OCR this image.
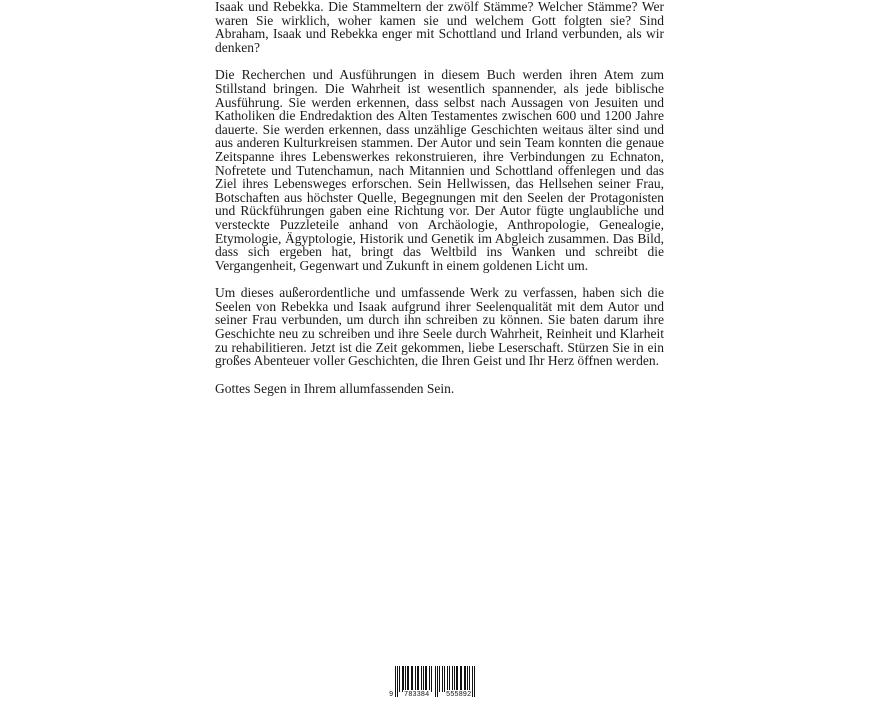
Isaak und Rebekka. Die Stammeltern der zwölf Stämme? Welcher Stämme? Wer waren Sie wirklich, woher kamen sie und welchem Gott folgten sie? Sind Abraham, Isaak und Rebekka enger mit Schottland und Irland verbunden, als wir denken?

Die Recherchen und Ausführungen in diesem Buch werden ihren Atem zum Stillstand bringen. Die Wahrheit ist wesentlich spannender, als jede biblische Ausführung. Sie werden erkennen, dass selbst nach Aussagen von Jesuiten und Katholiken die Endredaktion des Alten Testamentes zwischen 600 und 1200 Jahre dauerte. Sie werden erkennen, dass unzählige Geschichten weitaus älter sind und aus anderen Kulturkreisen stammen. Der Autor und sein Team konnten die genaue Zeitspanne ihres Lebenswerkes rekonstruieren, ihre Verbindungen zu Echnaton, Nofretete und Tutenchamun, nach Mitannien und Schottland offenlegen und das Ziel ihres Lebensweges erforschen. Sein Hellwissen, das Hellsehen seiner Frau, Botschaften aus höchster Quelle, Begegnungen mit den Seelen der Protagonisten und Rückführungen gaben eine Richtung vor. Der Autor fügte unglaubliche und versteckte Puzzleteile anhand von Archäologie, Anthropologie, Genealogie, Etymologie, Ägyptologie, Historik und Genetik im Abgleich zusammen. Das Bild, dass sich ergeben hat, bringt das Weltbild ins Wanken und schreibt die Vergangenheit, Gegenwart und Zukunft in einem goldenen Licht um.

Um dieses außerordentliche und umfassende Werk zu verfassen, haben sich die Seelen von Rebekka und Isaak aufgrund ihrer Seelenqualität mit dem Autor und seiner Frau verbunden, um durch ihn schreiben zu können. Sie baten darum ihre Geschichte neu zu schreiben und ihre Seele durch Wahrheit, Reinheit und Klarheit zu rehabilitieren. Jetzt ist die Zeit gekommen, liebe Leserschaft. Stürzen Sie in ein großes Abenteuer voller Geschichten, die Ihren Geist und Ihr Herz öffnen werden.

Gottes Segen in Ihrem allumfassenden Sein.

9 783384 555892
